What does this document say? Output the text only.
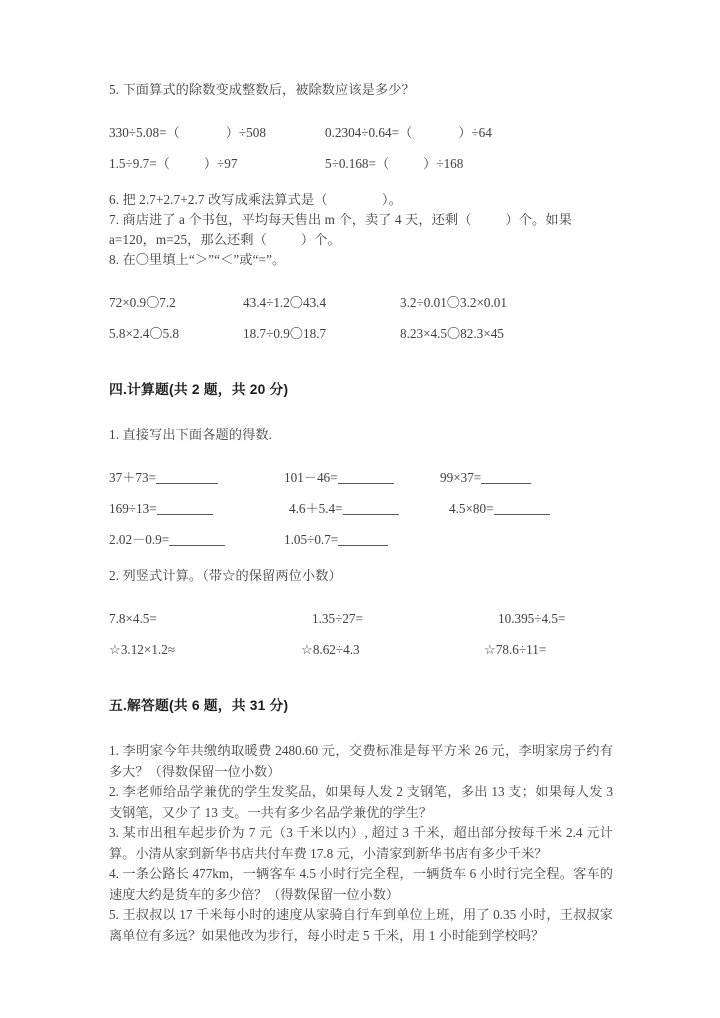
5. 下面算式的除数变成整数后，被除数应该是多少？
330÷5.08=（	）÷508	0.2304÷0.64=（	）÷64
1.5÷9.7=（	）÷97	5÷0.168=（	）÷168
6. 把 2.7+2.7+2.7 改写成乘法算式是（                ）。
7. 商店进了 a 个书包，平均每天售出 m 个，卖了 4 天，还剩（          ）个。如果
a=120，m=25，那么还剩（          ）个。
8. 在〇里填上“＞”“＜”或“=”。
72×0.9〇7.2	43.4÷1.2〇43.4	3.2÷0.01〇3.2×0.01
5.8×2.4〇5.8	18.7÷0.9〇18.7	8.23×4.5〇82.3×45
四.计算题(共 2 题，共 20 分)
1. 直接写出下面各题的得数.
37＋73=	101－46=	99×37=
169÷13=	4.6＋5.4=	4.5×80=
2.02－0.9=	1.05÷0.7=
2. 列竖式计算。（带☆的保留两位小数）
7.8×4.5=	1.35÷27=	10.395÷4.5=
☆3.12×1.2≈	☆8.62÷4.3	☆78.6÷11=
五.解答题(共 6 题，共 31 分)
1. 李明家今年共缴纳取暖费 2480.60 元，交费标准是每平方米 26 元，李明家房子约有多大？（得数保留一位小数）
2. 李老师给品学兼优的学生发奖品，如果每人发 2 支钢笔，多出 13 支；如果每人发 3 支钢笔，又少了 13 支。一共有多少名品学兼优的学生？
3. 某市出租车起步价为 7 元（3 千米以内）, 超过 3 千米，超出部分按每千米 2.4 元计算。小清从家到新华书店共付车费 17.8 元，小清家到新华书店有多少千米？
4. 一条公路长 477km，一辆客车 4.5 小时行完全程，一辆货车 6 小时行完全程。客车的速度大约是货车的多少倍？（得数保留一位小数）
5. 王叔叔以 17 千米每小时的速度从家骑自行车到单位上班，用了 0.35 小时，王叔叔家离单位有多远？如果他改为步行，每小时走 5 千米，用 1 小时能到学校吗？
